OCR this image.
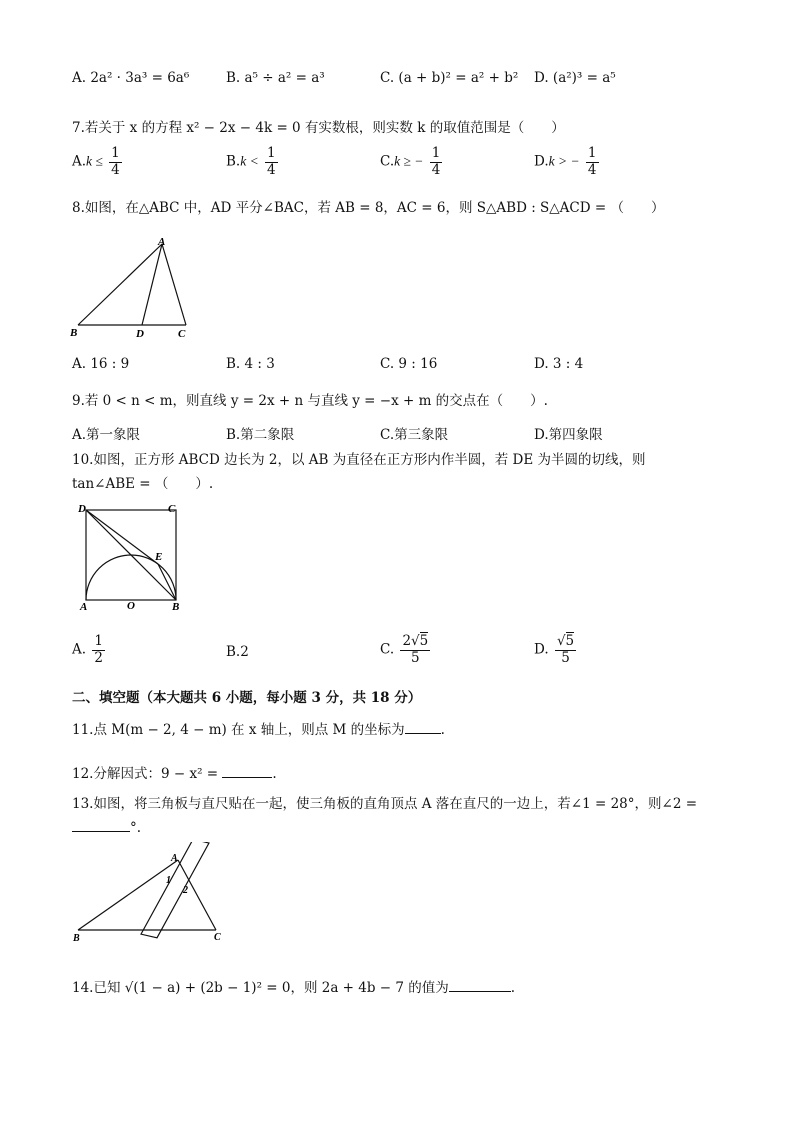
A. 2a² · 3a³ = 6a⁶	B. a⁵ ÷ a² = a³	C. (a + b)² = a² + b² D. (a²)³ = a⁵
7.若关于 x 的方程 x² − 2x − 4k = 0 有实数根，则实数 k 的取值范围是（　　）
$A.k \le \frac{1}{4}$	$B.k < \frac{1}{4}$	C.k ≥ − $\frac{1}{4}$	D.k > − $\frac{1}{4}$
8.如图，在△ABC 中，AD 平分∠BAC，若 AB = 8，AC = 6，则 S△ABD : S△ACD = （　　）
A
B	D	C
A. 16 : 9	B. 4 : 3	C. 9 : 16	D. 3 : 4
9.若 0 < n < m，则直线 y = 2x + n 与直线 y = −x + m 的交点在（　　）.
A.第一象限	B.第二象限	C.第三象限	D.第四象限
10.如图，正方形 ABCD 边长为 2，以 AB 为直径在正方形内作半圆，若 DE 为半圆的切线，则
tan∠ABE = （　　）.
D	C
E
A	O	B
A. $\frac{1}{2}$	B.2	C. $\frac{2√5}{5}$	D. $\frac{√5}{5}$
二、填空题（本大题共 6 小题，每小题 3 分，共 18 分）
11.点 M(m − 2, 4 − m) 在 x 轴上，则点 M 的坐标为	.
12.分解因式：9 − x² =	.
13.如图，将三角板与直尺贴在一起，使三角板的直角顶点 A 落在直尺的一边上，若∠1 = 28°，则∠2 =
°.
A
1
2
B	C
14.已知 √(1 − a) + (2b − 1)² = 0，则 2a + 4b − 7 的值为	.
